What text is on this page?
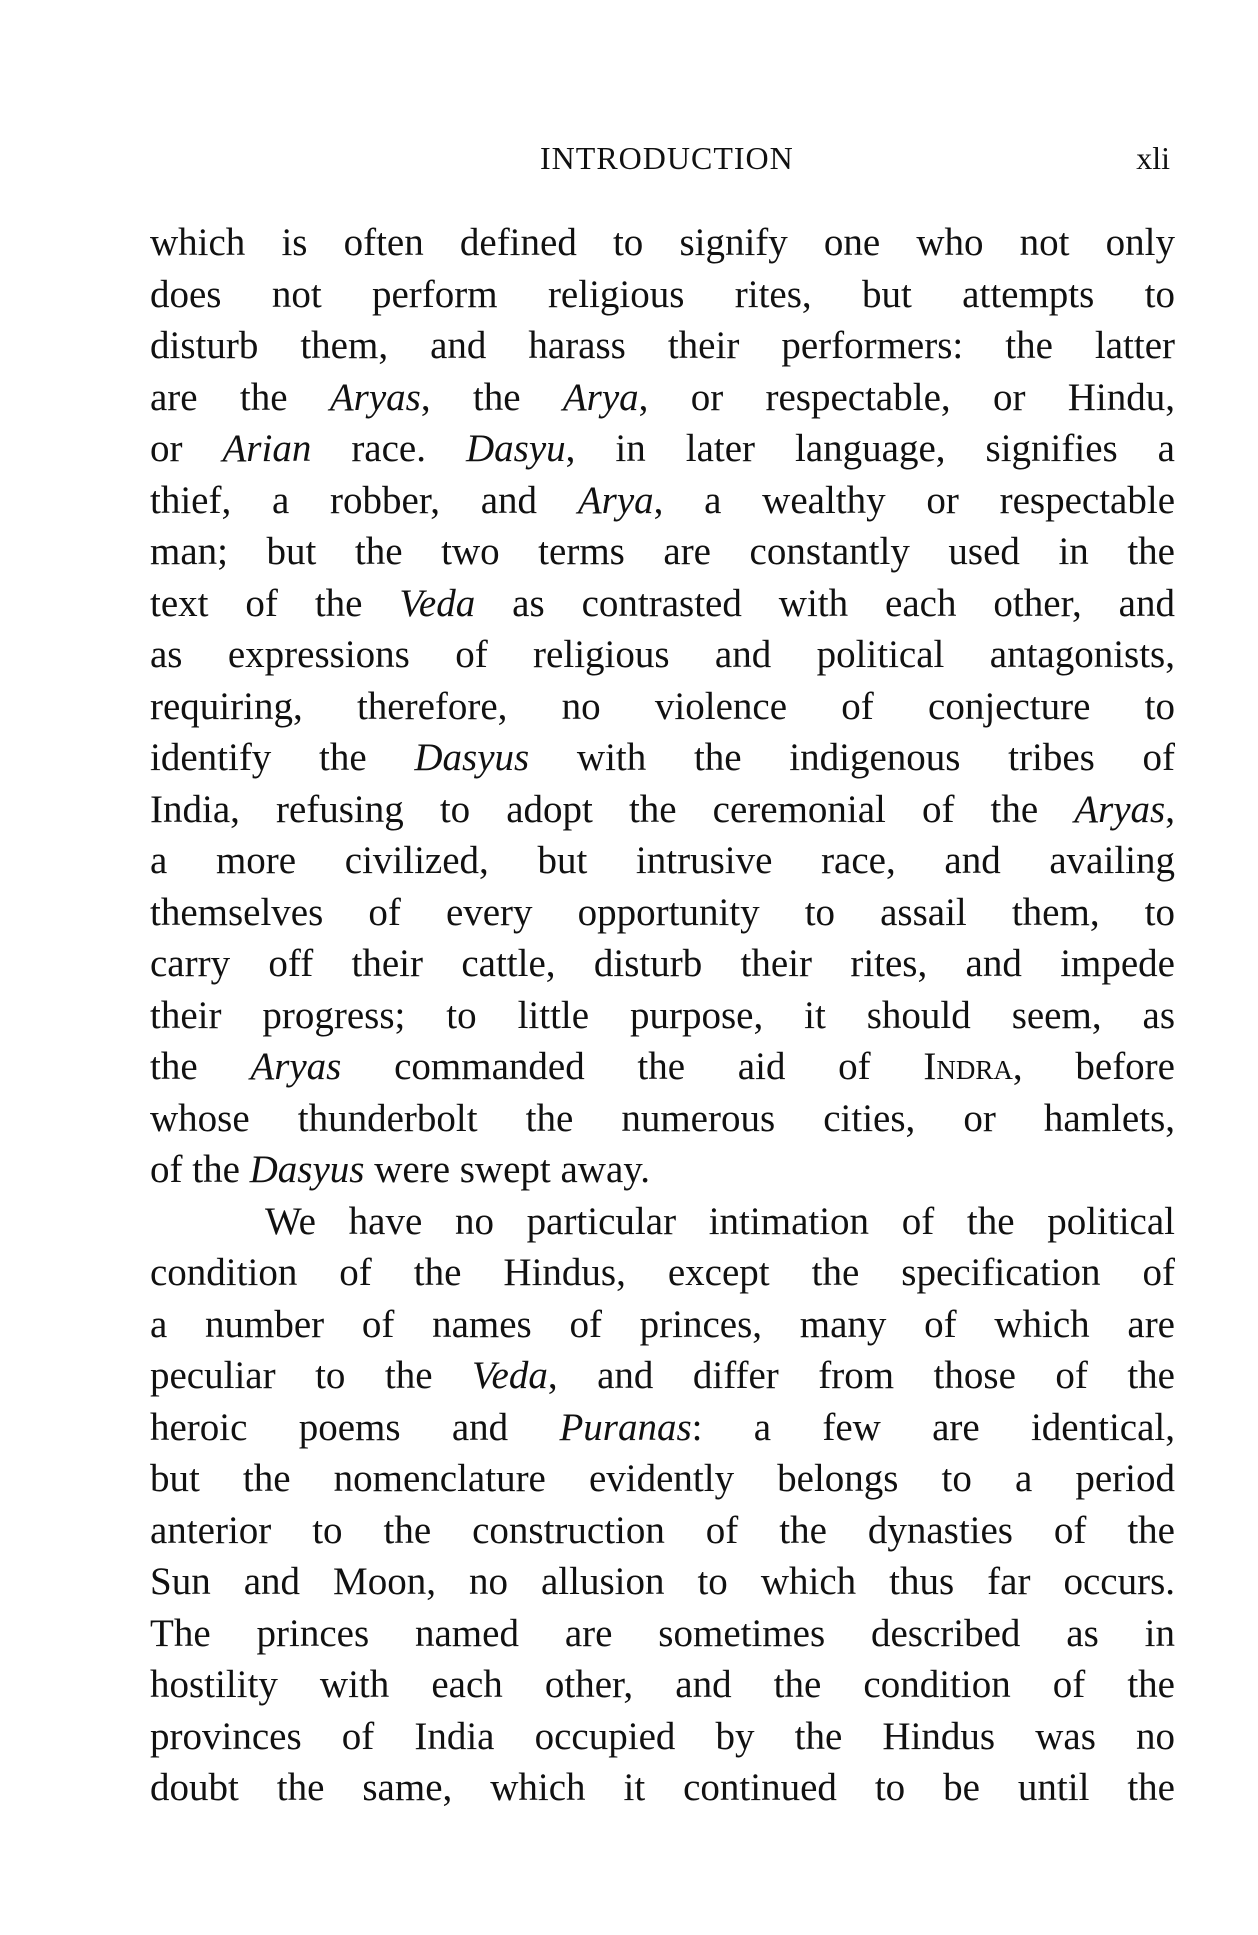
INTRODUCTION	xli
which is often defined to signify one who not only
does not perform religious rites, but attempts to
disturb them, and harass their performers: the latter
are the Aryas, the Arya, or respectable, or Hindu,
or Arian race. Dasyu, in later language, signifies a
thief, a robber, and Arya, a wealthy or respectable
man; but the two terms are constantly used in the
text of the Veda as contrasted with each other, and
as expressions of religious and political antagonists,
requiring, therefore, no violence of conjecture to
identify the Dasyus with the indigenous tribes of
India, refusing to adopt the ceremonial of the Aryas,
a more civilized, but intrusive race, and availing
themselves of every opportunity to assail them, to
carry off their cattle, disturb their rites, and impede
their progress; to little purpose, it should seem, as
the Aryas commanded the aid of Indra, before
whose thunderbolt the numerous cities, or hamlets,
of the Dasyus were swept away.
We have no particular intimation of the political
condition of the Hindus, except the specification of
a number of names of princes, many of which are
peculiar to the Veda, and differ from those of the
heroic poems and Puranas: a few are identical,
but the nomenclature evidently belongs to a period
anterior to the construction of the dynasties of the
Sun and Moon, no allusion to which thus far occurs.
The princes named are sometimes described as in
hostility with each other, and the condition of the
provinces of India occupied by the Hindus was no
doubt the same, which it continued to be until the
